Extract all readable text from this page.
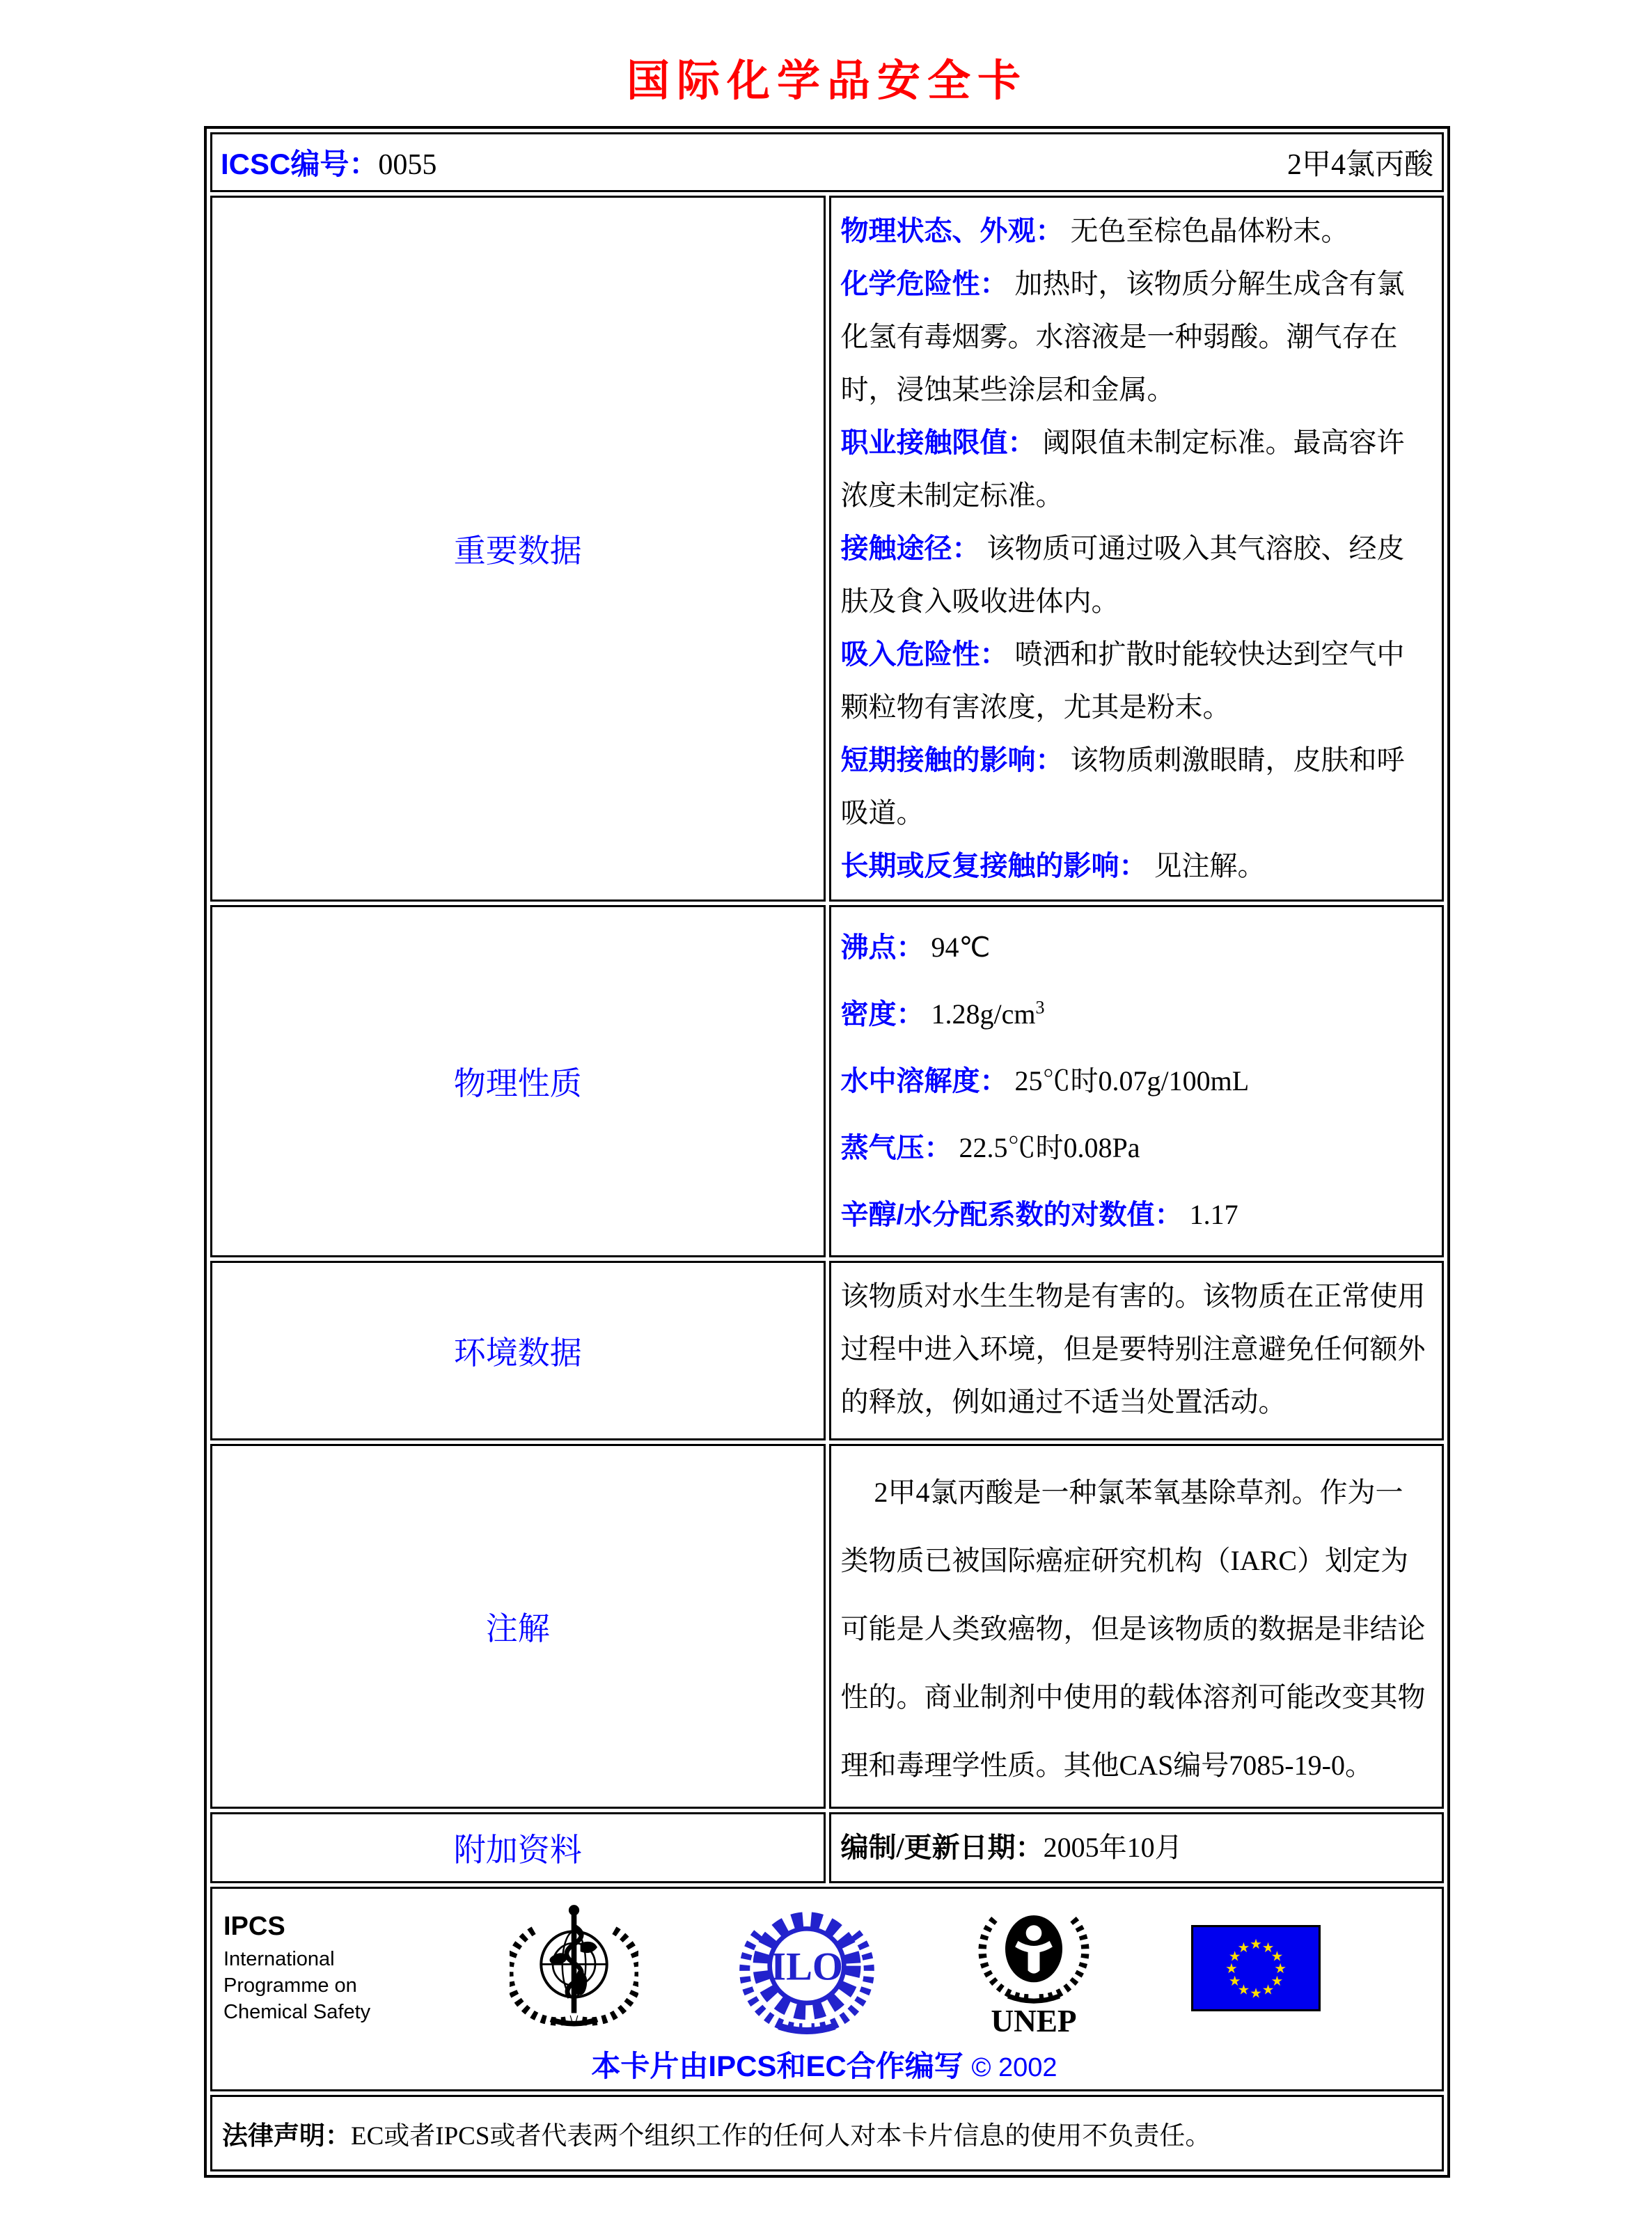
国际化学品安全卡
ICSC编号：0055 2甲4氯丙酸	

重要数据	
物理状态、外观： 无色至棕色晶体粉末。
化学危险性： 加热时，该物质分解生成含有氯化氢有毒烟雾。水溶液是一种弱酸。潮气存在时，浸蚀某些涂层和金属。
职业接触限值： 阈限值未制定标准。最高容许浓度未制定标准。
接触途径： 该物质可通过吸入其气溶胶、经皮肤及食入吸收进体内。
吸入危险性： 喷洒和扩散时能较快达到空气中颗粒物有害浓度，尤其是粉末。
短期接触的影响： 该物质刺激眼睛，皮肤和呼吸道。
长期或反复接触的影响： 见注解。

物理性质	沸点： 94℃
密度： $1.28g/cm^3$
水中溶解度： 25℃时0.07g/100mL
蒸气压： 22.5℃时0.08Pa
辛醇/水分配系数的对数值： 1.17

环境数据	该物质对水生生物是有害的。该物质在正常使用过程中进入环境，但是要特别注意避免任何额外的释放，例如通过不适当处置活动。

注解	2甲4氯丙酸是一种氯苯氧基除草剂。作为一类物质已被国际癌症研究机构（IARC）划定为可能是人类致癌物，但是该物质的数据是非结论性的。商业制剂中使用的载体溶剂可能改变其物理和毒理学性质。其他CAS编号7085-19-0。

附加资料	编制/更新日期：2005年10月

IPCS
International
Programme on
Chemical Safety
ILO
UNEP
★ ★
★
★
★
★
★
★
★
★
★
★
本卡片由IPCS和EC合作编写 © 2002

法律声明：EC或者IPCS或者代表两个组织工作的任何人对本卡片信息的使用不负责任。	
